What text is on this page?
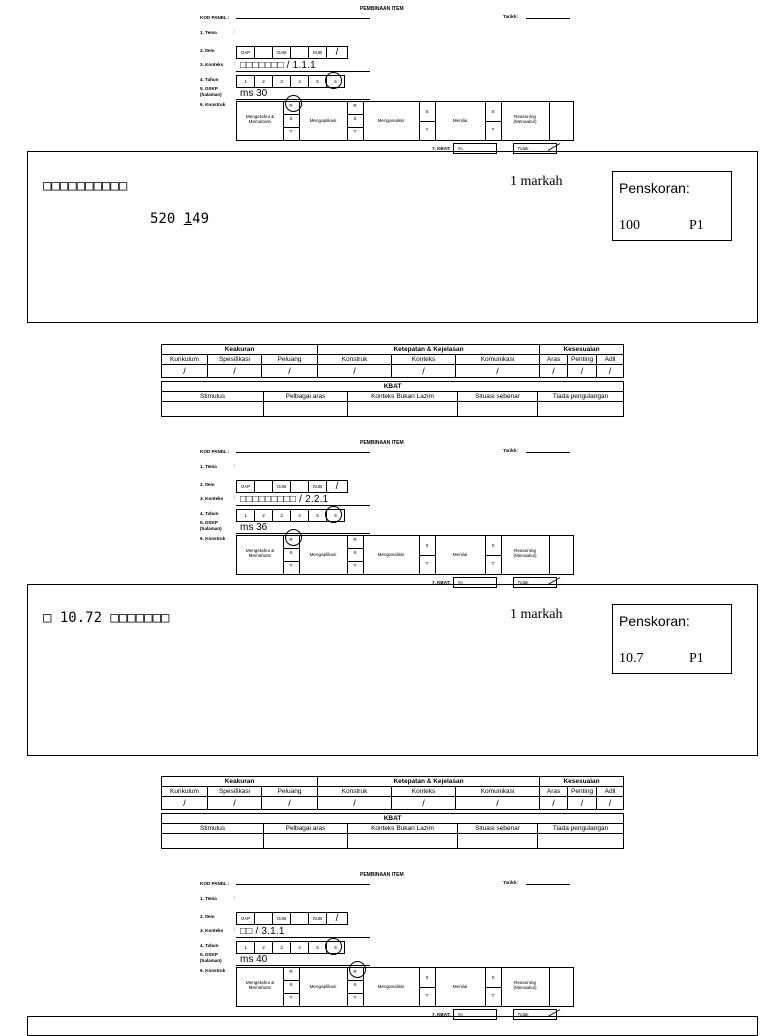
PEMBINAAN ITEM
KOD PANEL :	Tarikh:
1. Tema	:
2. Item	OAP	OAB	SUB	/
3. Konteks : □□□□□□□ / 1.1.1
4. Tahun	1	2	3	4	5	6
5. DSKP
(halaman) ms 30
6. Konstruk
Mengetahui & Memahami
R
S
T
Mengaplikasi
R
S
T
Menganalisis
S
T
Menilai
S
T
Reasoning (Menaakul)
7. KBAT:	Yo	Tidak
□□□□□□□□□□
520 149
1 markah	Penskoran:
100	P1
Keakuran			Ketepatan & Kejelasan			Kesesuaian		
Kurikulum	Spesifikasi	Peluang	Konstruk	Konteks	Komunikasi	Aras	Penting	Adil
/	/	/	/	/	/	/	/	/
KBAT				
Stimulus	Pelbagai aras	Konteks Bukan Lazim	Situasi sebenar	Tiada pengulangan

PEMBINAAN ITEM
KOD PANEL :	Tarikh:
1. Tema	:
2. Item	OAP	OAB	SUB	/
3. Konteks : □□□□□□□□□ / 2.2.1
4. Tahun	1	2	3	4	5	6
5. DSKP
(halaman) ms 36
6. Konstruk
Mengetahui & Memahami
R
S
T
Mengaplikasi
R
S
T
Menganalisis
S
T
Menilai
S
T
Reasoning (Menaakul)
7. KBAT:	Yo	Tidak
□ 10.72 □□□□□□□	1 markah	Penskoran:
10.7	P1
Keakuran			Ketepatan & Kejelasan			Kesesuaian		
Kurikulum	Spesifikasi	Peluang	Konstruk	Konteks	Komunikasi	Aras	Penting	Adil
/	/	/	/	/	/	/	/	/
KBAT				
Stimulus	Pelbagai aras	Konteks Bukan Lazim	Situasi sebenar	Tiada pengulangan

PEMBINAAN ITEM
KOD PANEL :	Tarikh:
1. Tema	:
2. Item	OAP	OAB	SUB	/
3. Konteks : □□ / 3.1.1
4. Tahun	1	2	3	4	5	6
5. DSKP
(halaman) ms 40
6. Konstruk
Mengetahui & Memahami
R
S
T
Mengaplikasi
R
S
T
Menganalisis
S
T
Menilai
S
T
Reasoning (Menaakul)
7. KBAT:	Yo	Tidak
